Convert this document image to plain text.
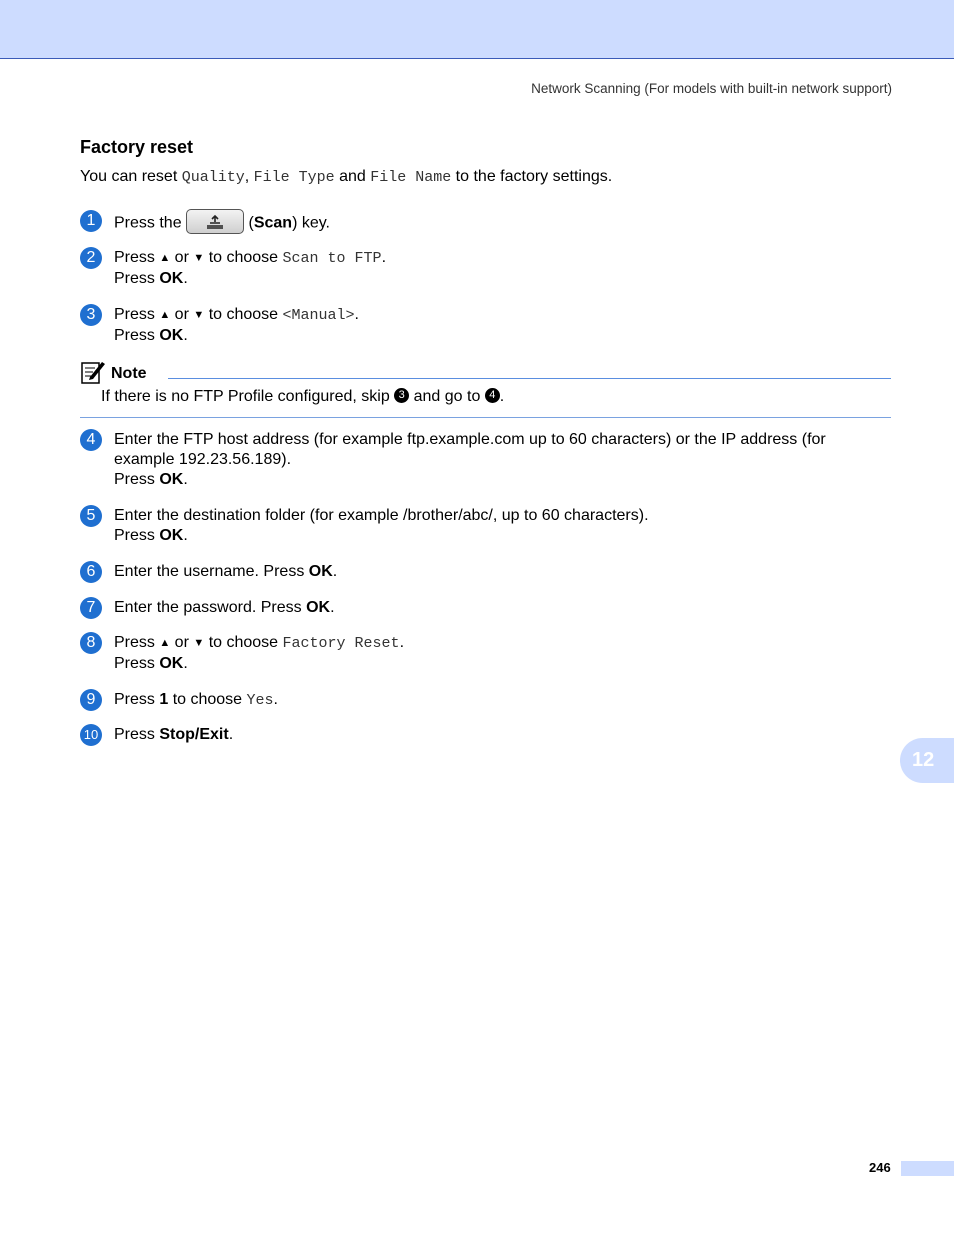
Network Scanning (For models with built-in network support)
Factory reset
You can reset Quality, File Type and File Name to the factory settings.
1	Press the	(Scan) key.
2	Press ▲ or ▼ to choose Scan to FTP.
Press OK.
3	Press ▲ or ▼ to choose <Manual>.
Press OK.
Note
If there is no FTP Profile configured, skip 3 and go to 4 .
4	Enter the FTP host address (for example ftp.example.com up to 60 characters) or the IP address (for
example 192.23.56.189).
Press OK.
5	Enter the destination folder (for example /brother/abc/, up to 60 characters).
Press OK.
6	Enter the username. Press OK.
7	Enter the password. Press OK.
8	Press ▲ or ▼ to choose Factory Reset.
Press OK.
9	Press 1 to choose Yes.
10 Press Stop/Exit.
12
246
